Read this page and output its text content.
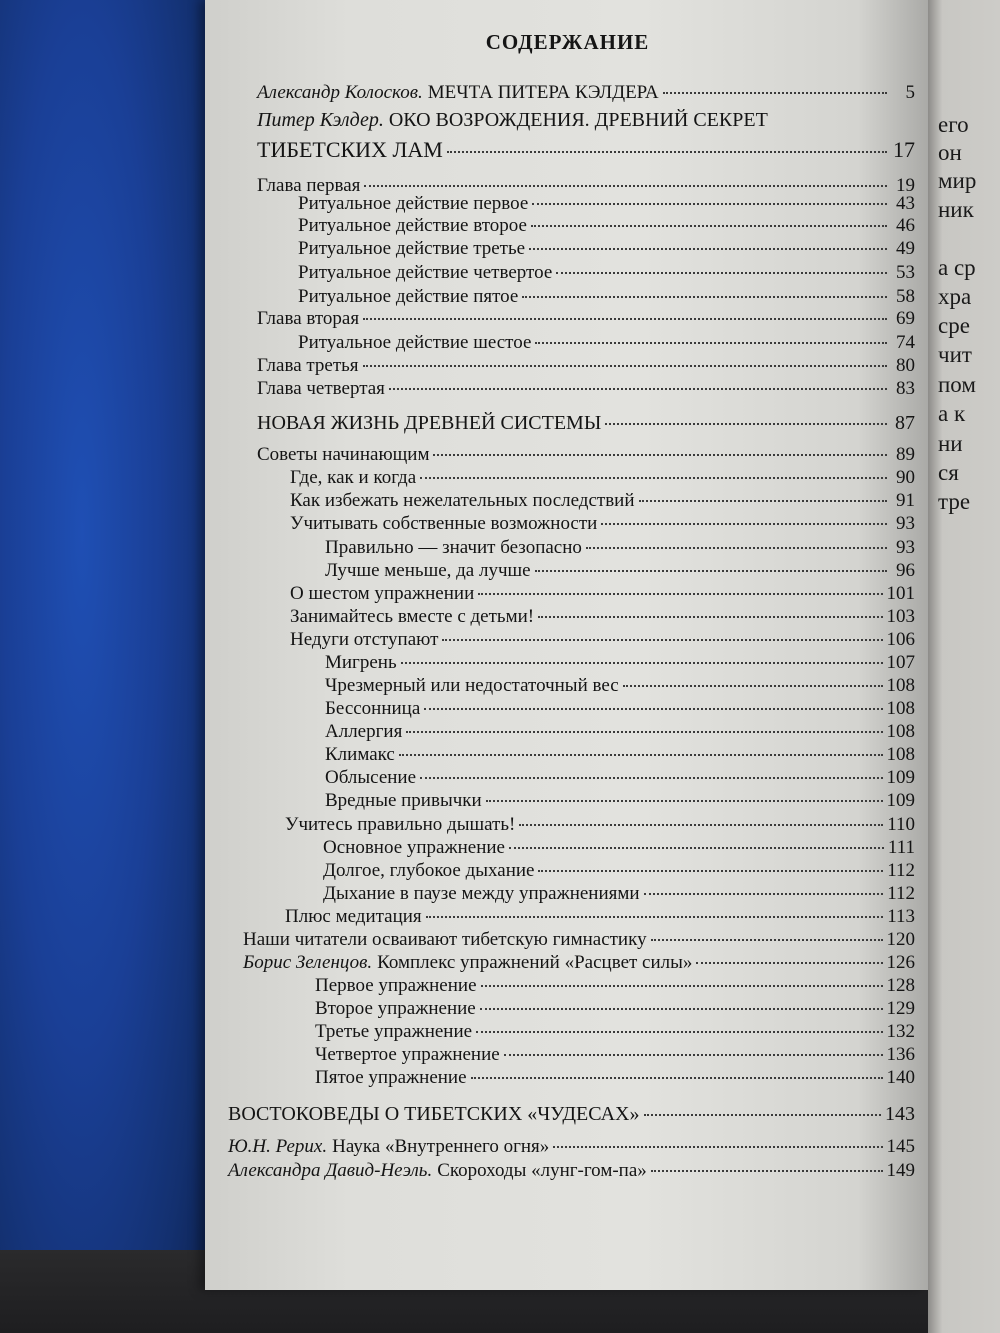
его
он
мир
ник
а ср
хра
сре
чит
пом
а к
ни
ся
тре
СОДЕРЖАНИЕ
Александр Колосков. МЕЧТА ПИТЕРА КЭЛДЕРА	5
Питер Кэлдер. ОКО ВОЗРОЖДЕНИЯ. ДРЕВНИЙ СЕКРЕТ
ТИБЕТСКИХ ЛАМ	17
Глава первая	19
Ритуальное действие первое	43
Ритуальное действие второе	46
Ритуальное действие третье	49
Ритуальное действие четвертое	53
Ритуальное действие пятое	58
Глава вторая	69
Ритуальное действие шестое	74
Глава третья	80
Глава четвертая	83
НОВАЯ ЖИЗНЬ ДРЕВНЕЙ СИСТЕМЫ	87
Советы начинающим	89
Где, как и когда	90
Как избежать нежелательных последствий	91
Учитывать собственные возможности	93
Правильно — значит безопасно	93
Лучше меньше, да лучше	96
О шестом упражнении	101
Занимайтесь вместе с детьми!	103
Недуги отступают	106
Мигрень	107
Чрезмерный или недостаточный вес	108
Бессонница	108
Аллергия	108
Климакс	108
Облысение	109
Вредные привычки	109
Учитесь правильно дышать!	110
Основное упражнение	111
Долгое, глубокое дыхание	112
Дыхание в паузе между упражнениями	112
Плюс медитация	113
Наши читатели осваивают тибетскую гимнастику	120
Борис Зеленцов. Комплекс упражнений «Расцвет силы»	126
Первое упражнение	128
Второе упражнение	129
Третье упражнение	132
Четвертое упражнение	136
Пятое упражнение	140
ВОСТОКОВЕДЫ О ТИБЕТСКИХ «ЧУДЕСАХ»	143
Ю.Н. Рерих. Наука «Внутреннего огня»	145
Александра Давид-Неэль. Скороходы «лунг-гом-па»	149
